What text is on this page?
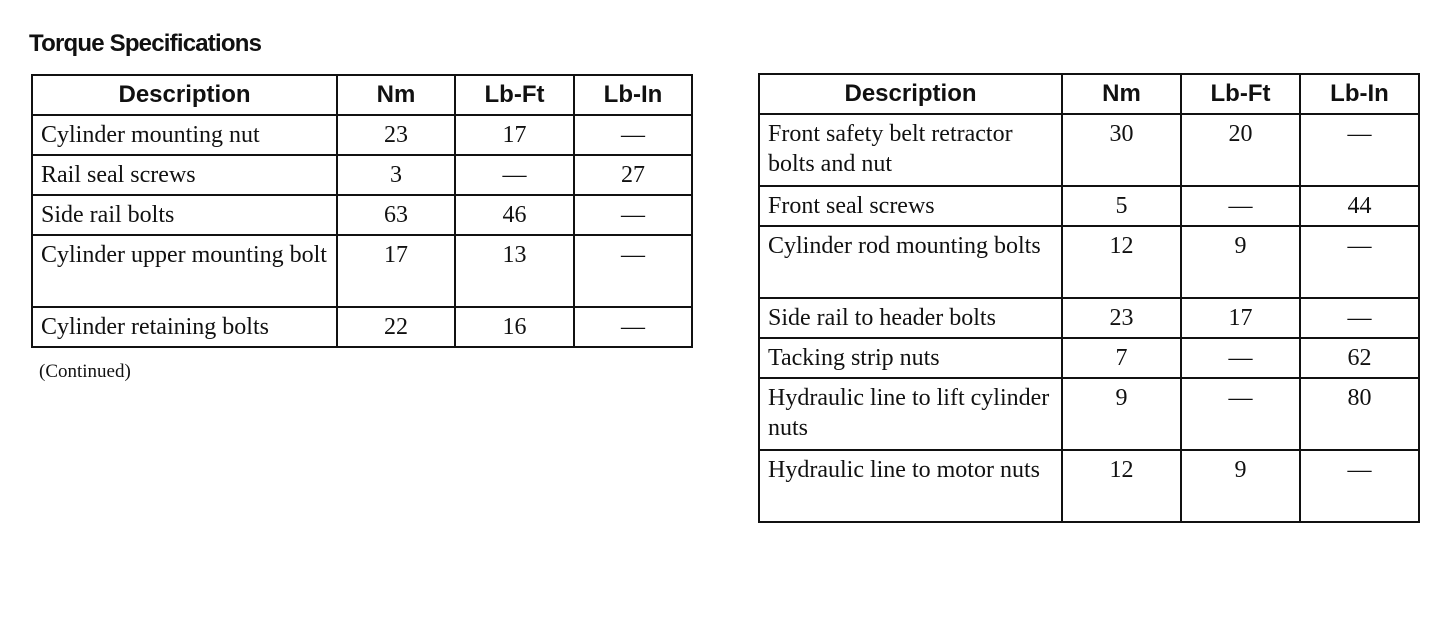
Torque Specifications
Description	Nm	Lb-Ft	Lb-In
Cylinder mounting nut	23	17	—
Rail seal screws	3	—	27
Side rail bolts	63	46	—
Cylinder upper mounting bolt	17	13	—
Cylinder retaining bolts	22	16	—
(Continued)
Description	Nm	Lb-Ft	Lb-In
Front safety belt retractor bolts and nut	30	20	—
Front seal screws	5	—	44
Cylinder rod mounting bolts	12	9	—
Side rail to header bolts	23	17	—
Tacking strip nuts	7	—	62
Hydraulic line to lift cylinder nuts	9	—	80
Hydraulic line to motor nuts	12	9	—
